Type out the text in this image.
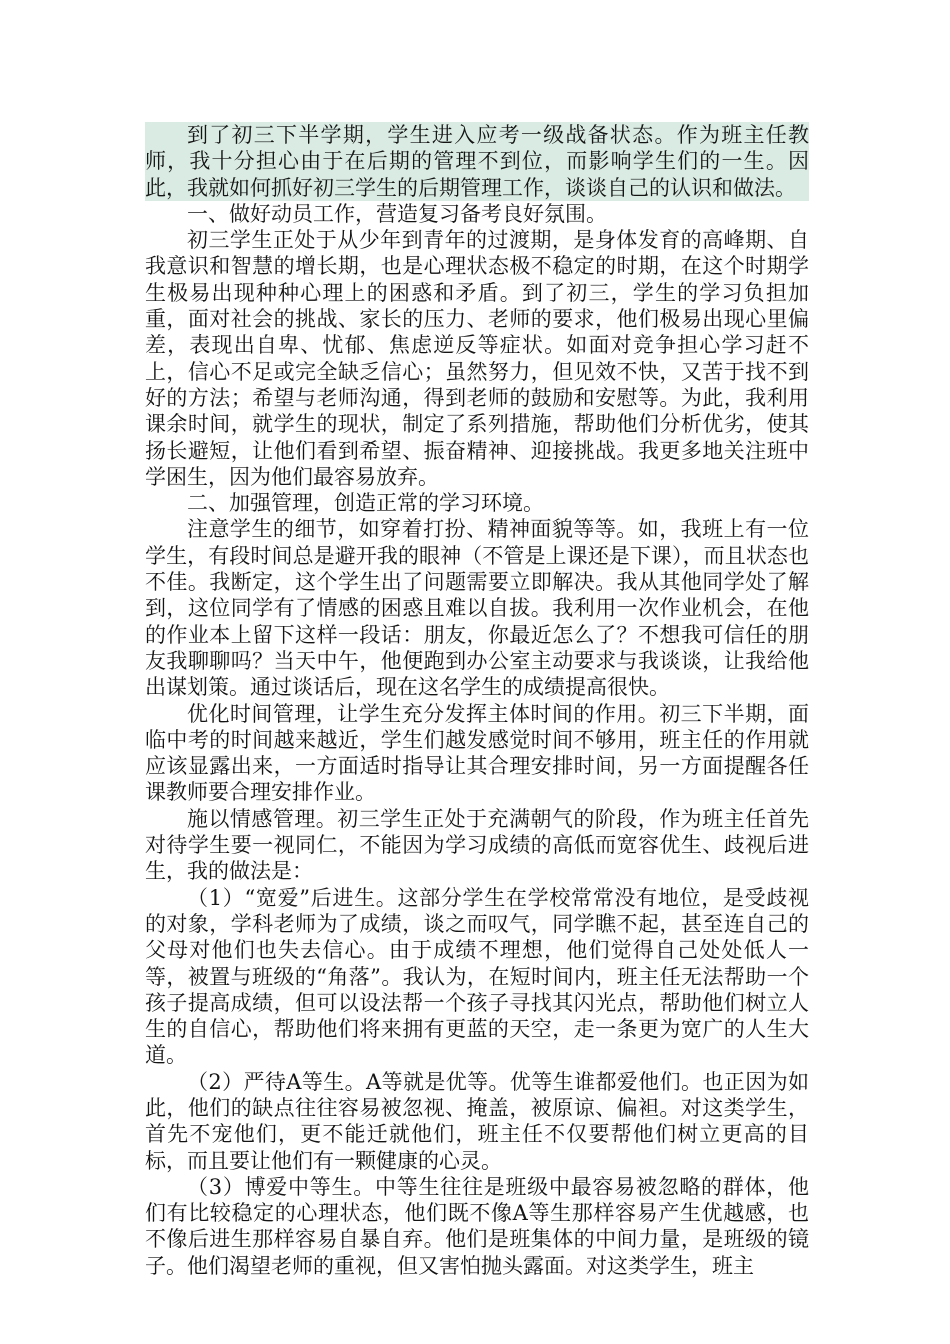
到了初三下半学期，学生进入应考一级战备状态。作为班主任教师，我十分担心由于在后期的管理不到位，而影响学生们的一生。因此，我就如何抓好初三学生的后期管理工作，谈谈自己的认识和做法。

一、做好动员工作，营造复习备考良好氛围。

初三学生正处于从少年到青年的过渡期，是身体发育的高峰期、自我意识和智慧的增长期，也是心理状态极不稳定的时期，在这个时期学生极易出现种种心理上的困惑和矛盾。到了初三，学生的学习负担加重，面对社会的挑战、家长的压力、老师的要求，他们极易出现心里偏差，表现出自卑、忧郁、焦虑逆反等症状。如面对竞争担心学习赶不上，信心不足或完全缺乏信心；虽然努力，但见效不快，又苦于找不到好的方法；希望与老师沟通，得到老师的鼓励和安慰等。为此，我利用课余时间，就学生的现状，制定了系列措施，帮助他们分析优劣，使其扬长避短，让他们看到希望、振奋精神、迎接挑战。我更多地关注班中学困生，因为他们最容易放弃。

二、加强管理，创造正常的学习环境。

注意学生的细节，如穿着打扮、精神面貌等等。如，我班上有一位学生，有段时间总是避开我的眼神（不管是上课还是下课），而且状态也不佳。我断定，这个学生出了问题需要立即解决。我从其他同学处了解到，这位同学有了情感的困惑且难以自拔。我利用一次作业机会，在他的作业本上留下这样一段话：朋友，你最近怎么了？不想我可信任的朋友我聊聊吗？当天中午，他便跑到办公室主动要求与我谈谈，让我给他出谋划策。通过谈话后，现在这名学生的成绩提高很快。

优化时间管理，让学生充分发挥主体时间的作用。初三下半期，面临中考的时间越来越近，学生们越发感觉时间不够用，班主任的作用就应该显露出来，一方面适时指导让其合理安排时间，另一方面提醒各任课教师要合理安排作业。

施以情感管理。初三学生正处于充满朝气的阶段，作为班主任首先对待学生要一视同仁，不能因为学习成绩的高低而宽容优生、歧视后进生，我的做法是：

（1）“宽爱”后进生。这部分学生在学校常常没有地位，是受歧视的对象，学科老师为了成绩，谈之而叹气，同学瞧不起，甚至连自己的父母对他们也失去信心。由于成绩不理想，他们觉得自己处处低人一等，被置与班级的“角落”。我认为，在短时间内，班主任无法帮助一个孩子提高成绩，但可以设法帮一个孩子寻找其闪光点，帮助他们树立人生的自信心，帮助他们将来拥有更蓝的天空，走一条更为宽广的人生大道。

（2）严待A等生。A等就是优等。优等生谁都爱他们。也正因为如此，他们的缺点往往容易被忽视、掩盖，被原谅、偏袒。对这类学生，首先不宠他们，更不能迁就他们，班主任不仅要帮他们树立更高的目标，而且要让他们有一颗健康的心灵。

（3）博爱中等生。中等生往往是班级中最容易被忽略的群体，他们有比较稳定的心理状态，他们既不像A等生那样容易产生优越感，也不像后进生那样容易自暴自弃。他们是班集体的中间力量，是班级的镜子。他们渴望老师的重视，但又害怕抛头露面。对这类学生，班主
